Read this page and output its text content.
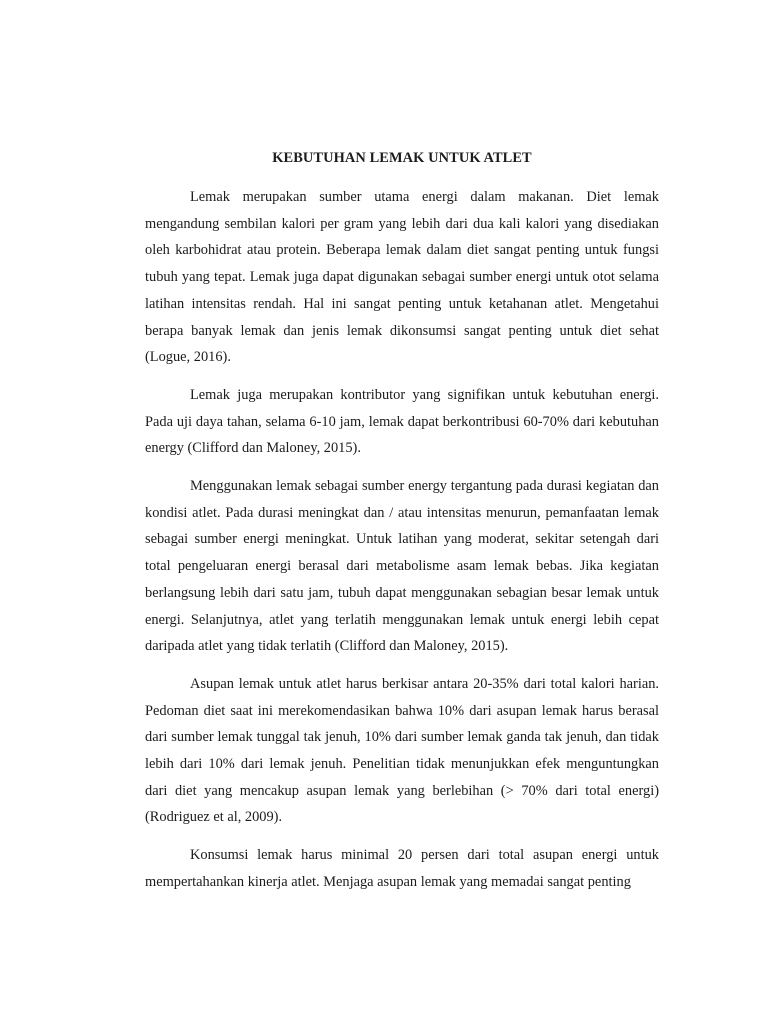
KEBUTUHAN LEMAK UNTUK ATLET

Lemak merupakan sumber utama energi dalam makanan. Diet lemak mengandung sembilan kalori per gram yang lebih dari dua kali kalori yang disediakan oleh karbohidrat atau protein. Beberapa lemak dalam diet sangat penting untuk fungsi tubuh yang tepat. Lemak juga dapat digunakan sebagai sumber energi untuk otot selama latihan intensitas rendah. Hal ini sangat penting untuk ketahanan atlet. Mengetahui berapa banyak lemak dan jenis lemak dikonsumsi sangat penting untuk diet sehat (Logue, 2016).

Lemak juga merupakan kontributor yang signifikan untuk kebutuhan energi. Pada uji daya tahan, selama 6-10 jam, lemak dapat berkontribusi 60-70% dari kebutuhan energy (Clifford dan Maloney, 2015).

Menggunakan lemak sebagai sumber energy tergantung pada durasi kegiatan dan kondisi atlet. Pada durasi meningkat dan / atau intensitas menurun, pemanfaatan lemak sebagai sumber energi meningkat. Untuk latihan yang moderat, sekitar setengah dari total pengeluaran energi berasal dari metabolisme asam lemak bebas. Jika kegiatan berlangsung lebih dari satu jam, tubuh dapat menggunakan sebagian besar lemak untuk energi. Selanjutnya, atlet yang terlatih menggunakan lemak untuk energi lebih cepat daripada atlet yang tidak terlatih (Clifford dan Maloney, 2015).

Asupan lemak untuk atlet harus berkisar antara 20-35% dari total kalori harian. Pedoman diet saat ini merekomendasikan bahwa 10% dari asupan lemak harus berasal dari sumber lemak tunggal tak jenuh, 10% dari sumber lemak ganda tak jenuh, dan tidak lebih dari 10% dari lemak jenuh. Penelitian tidak menunjukkan efek menguntungkan dari diet yang mencakup asupan lemak yang berlebihan (> 70% dari total energi) (Rodriguez et al, 2009).

Konsumsi lemak harus minimal 20 persen dari total asupan energi untuk mempertahankan kinerja atlet. Menjaga asupan lemak yang memadai sangat penting
